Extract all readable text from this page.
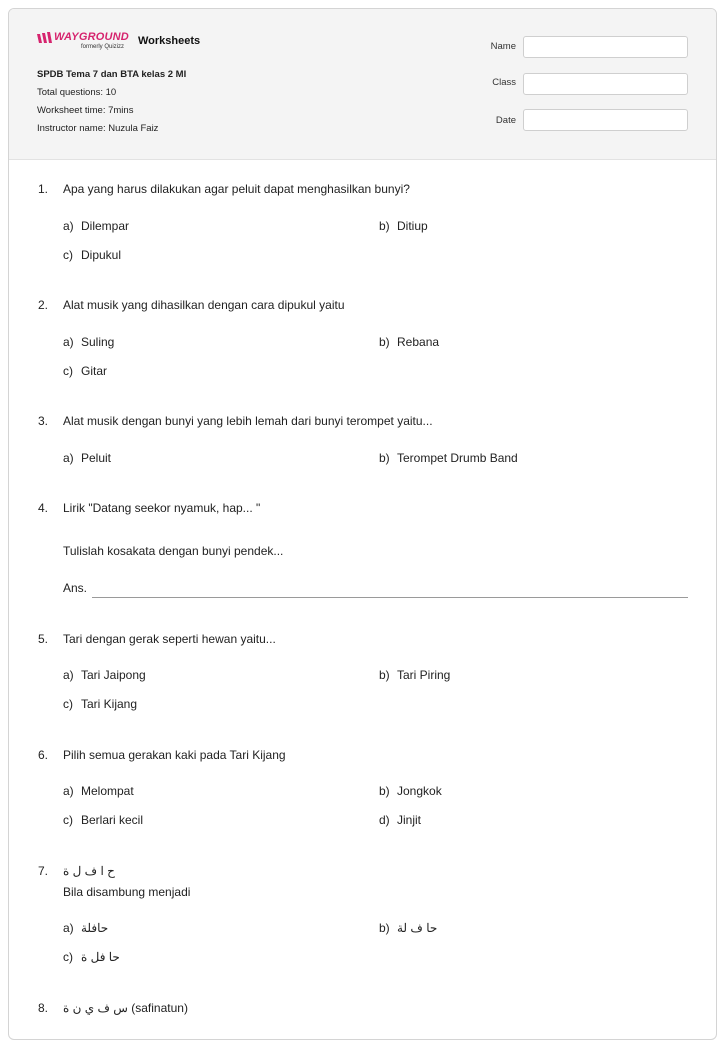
WAYGROUND
formerly Quizizz Worksheets
SPDB Tema 7 dan BTA kelas 2 MI
Total questions: 10
Worksheet time: 7mins
Instructor name: Nuzula Faiz
Name
Class
Date
1. Apa yang harus dilakukan agar peluit dapat menghasilkan bunyi?
a) Dilempar	b) Ditiup
c) Dipukul
2. Alat musik yang dihasilkan dengan cara dipukul yaitu
a) Suling	b) Rebana
c) Gitar
3. Alat musik dengan bunyi yang lebih lemah dari bunyi terompet yaitu...
a) Peluit	b) Terompet Drumb Band
4. Lirik "Datang seekor nyamuk, hap... "
Tulislah kosakata dengan bunyi pendek...
Ans.
5. Tari dengan gerak seperti hewan yaitu...
a) Tari Jaipong	b) Tari Piring
c) Tari Kijang
6. Pilih semua gerakan kaki pada Tari Kijang
a) Melompat	b) Jongkok
c) Berlari kecil	d) Jinjit
7. ح ا ف ل ة
Bila disambung menjadi
a) حافلة	b) حا ف لة
c) حا فل ة
8. س ف ي ن ة (safinatun)
